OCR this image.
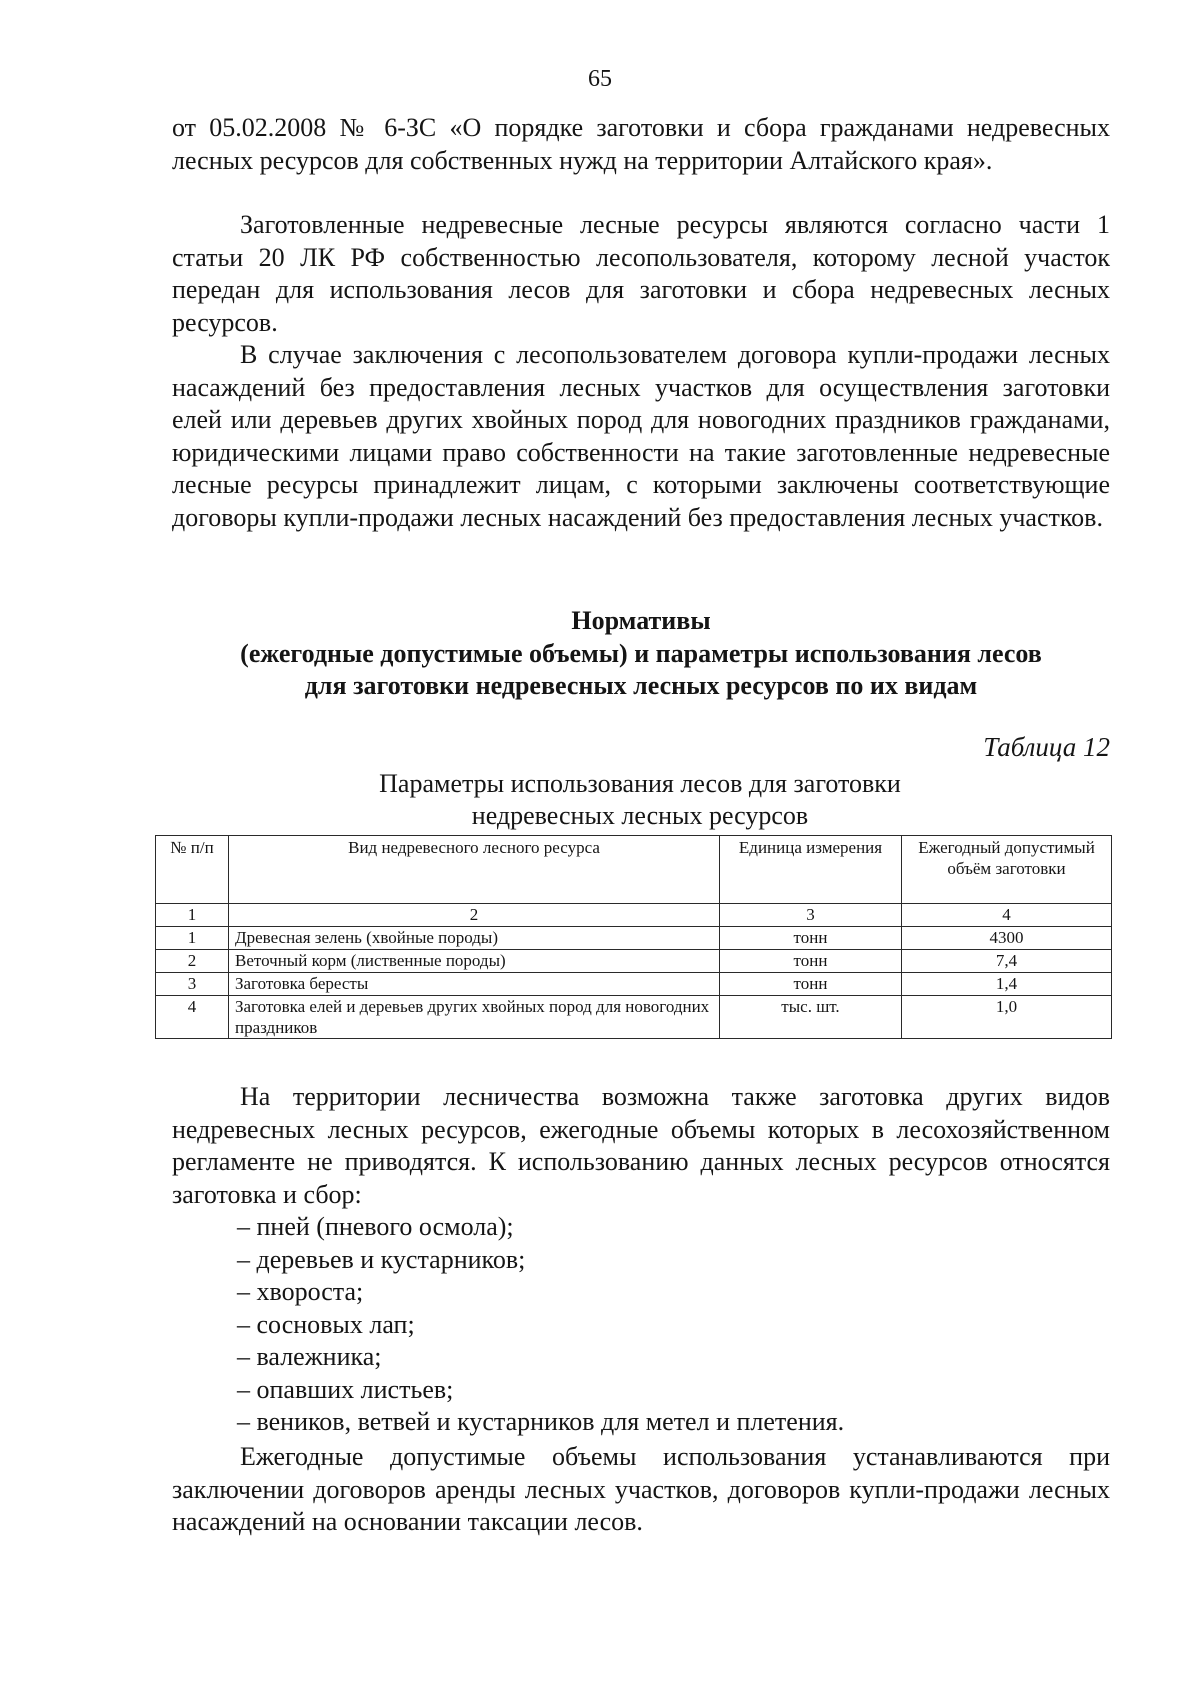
65

от 05.02.2008 № 6-ЗС «О порядке заготовки и сбора гражданами недревесных лесных ресурсов для собственных нужд на территории Алтайского края».

Заготовленные недревесные лесные ресурсы являются согласно части 1 статьи 20 ЛК РФ собственностью лесопользователя, которому лесной участок передан для использования лесов для заготовки и сбора недревесных лесных ресурсов.

В случае заключения с лесопользователем договора купли-продажи лесных насаждений без предоставления лесных участков для осуществления заготовки елей или деревьев других хвойных пород для новогодних праздников гражданами, юридическими лицами право собственности на такие заготовленные недревесные лесные ресурсы принадлежит лицам, с которыми заключены соответствующие договоры купли-продажи лесных насаждений без предоставления лесных участков.

Нормативы
(ежегодные допустимые объемы) и параметры использования лесов
для заготовки недревесных лесных ресурсов по их видам
Таблица 12
Параметры использования лесов для заготовки
недревесных лесных ресурсов
№ п/п	Вид недревесного лесного ресурса	Единица измерения	Ежегодный допустимый объём заготовки
1	2	3	4
1	Древесная зелень (хвойные породы)	тонн	4300
2	Веточный корм (лиственные породы)	тонн	7,4
3	Заготовка бересты	тонн	1,4
4	Заготовка елей и деревьев других хвойных пород для новогодних праздников	тыс. шт.	1,0

На территории лесничества возможна также заготовка других видов недревесных лесных ресурсов, ежегодные объемы которых в лесохозяйственном регламенте не приводятся. К использованию данных лесных ресурсов относятся заготовка и сбор:

– пней (пневого осмола);
– деревьев и кустарников;
– хвороста;
– сосновых лап;
– валежника;
– опавших листьев;
– веников, ветвей и кустарников для метел и плетения.

Ежегодные допустимые объемы использования устанавливаются при заключении договоров аренды лесных участков, договоров купли-продажи лесных насаждений на основании таксации лесов.
